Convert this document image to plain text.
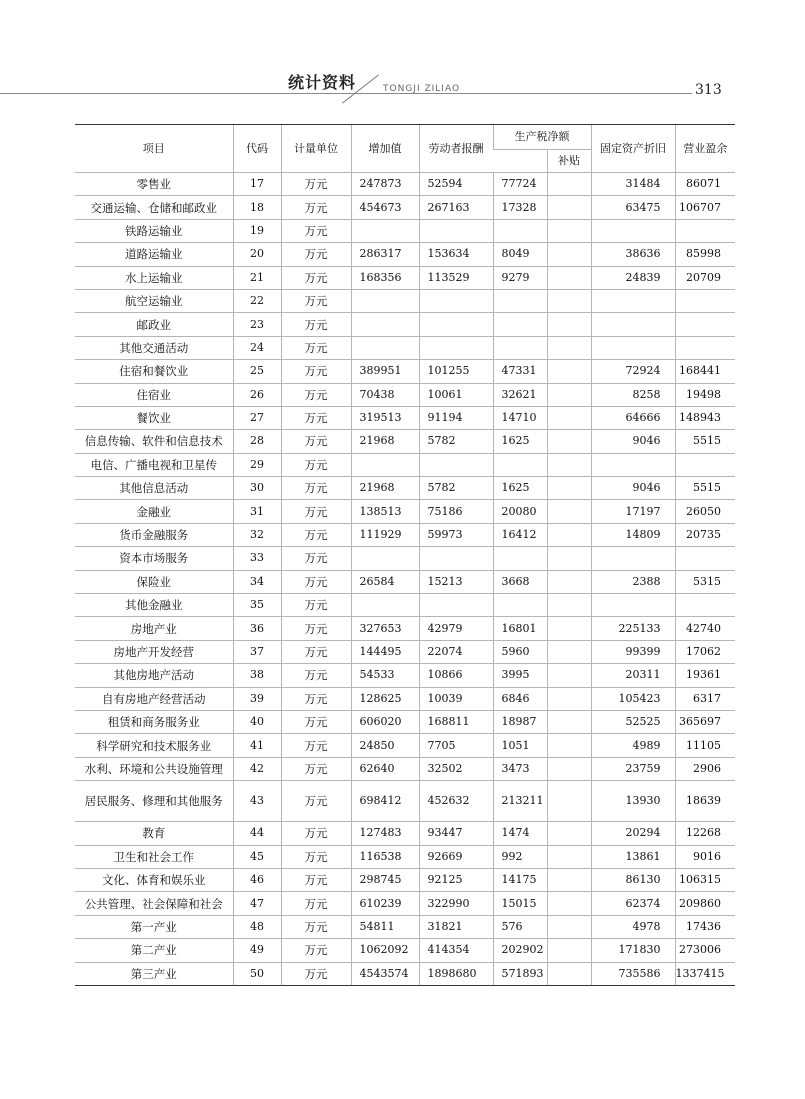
统计资料	TONGJI ZILIAO	313
项目	代码	计量单位	增加值	劳动者报酬	生产税净额		固定资产折旧	营业盈余
						补贴		
零售业	17	万元	247873	52594	77724		31484	86071
交通运输、仓储和邮政业	18	万元	454673	267163	17328		63475	106707
铁路运输业	19	万元						
道路运输业	20	万元	286317	153634	8049		38636	85998
水上运输业	21	万元	168356	113529	9279		24839	20709
航空运输业	22	万元						
邮政业	23	万元						
其他交通活动	24	万元						
住宿和餐饮业	25	万元	389951	101255	47331		72924	168441
住宿业	26	万元	70438	10061	32621		8258	19498
餐饮业	27	万元	319513	91194	14710		64666	148943
信息传输、软件和信息技术	28	万元	21968	5782	1625		9046	5515
电信、广播电视和卫星传	29	万元						
其他信息活动	30	万元	21968	5782	1625		9046	5515
金融业	31	万元	138513	75186	20080		17197	26050
货币金融服务	32	万元	111929	59973	16412		14809	20735
资本市场服务	33	万元						
保险业	34	万元	26584	15213	3668		2388	5315
其他金融业	35	万元						
房地产业	36	万元	327653	42979	16801		225133	42740
房地产开发经营	37	万元	144495	22074	5960		99399	17062
其他房地产活动	38	万元	54533	10866	3995		20311	19361
自有房地产经营活动	39	万元	128625	10039	6846		105423	6317
租赁和商务服务业	40	万元	606020	168811	18987		52525	365697
科学研究和技术服务业	41	万元	24850	7705	1051		4989	11105
水利、环境和公共设施管理	42	万元	62640	32502	3473		23759	2906
居民服务、修理和其他服务	43	万元	698412	452632	213211		13930	18639
教育	44	万元	127483	93447	1474		20294	12268
卫生和社会工作	45	万元	116538	92669	992		13861	9016
文化、体育和娱乐业	46	万元	298745	92125	14175		86130	106315
公共管理、社会保障和社会	47	万元	610239	322990	15015		62374	209860
第一产业	48	万元	54811	31821	576		4978	17436
第二产业	49	万元	1062092	414354	202902		171830	273006
第三产业	50	万元	4543574	1898680	571893		735586	1337415
